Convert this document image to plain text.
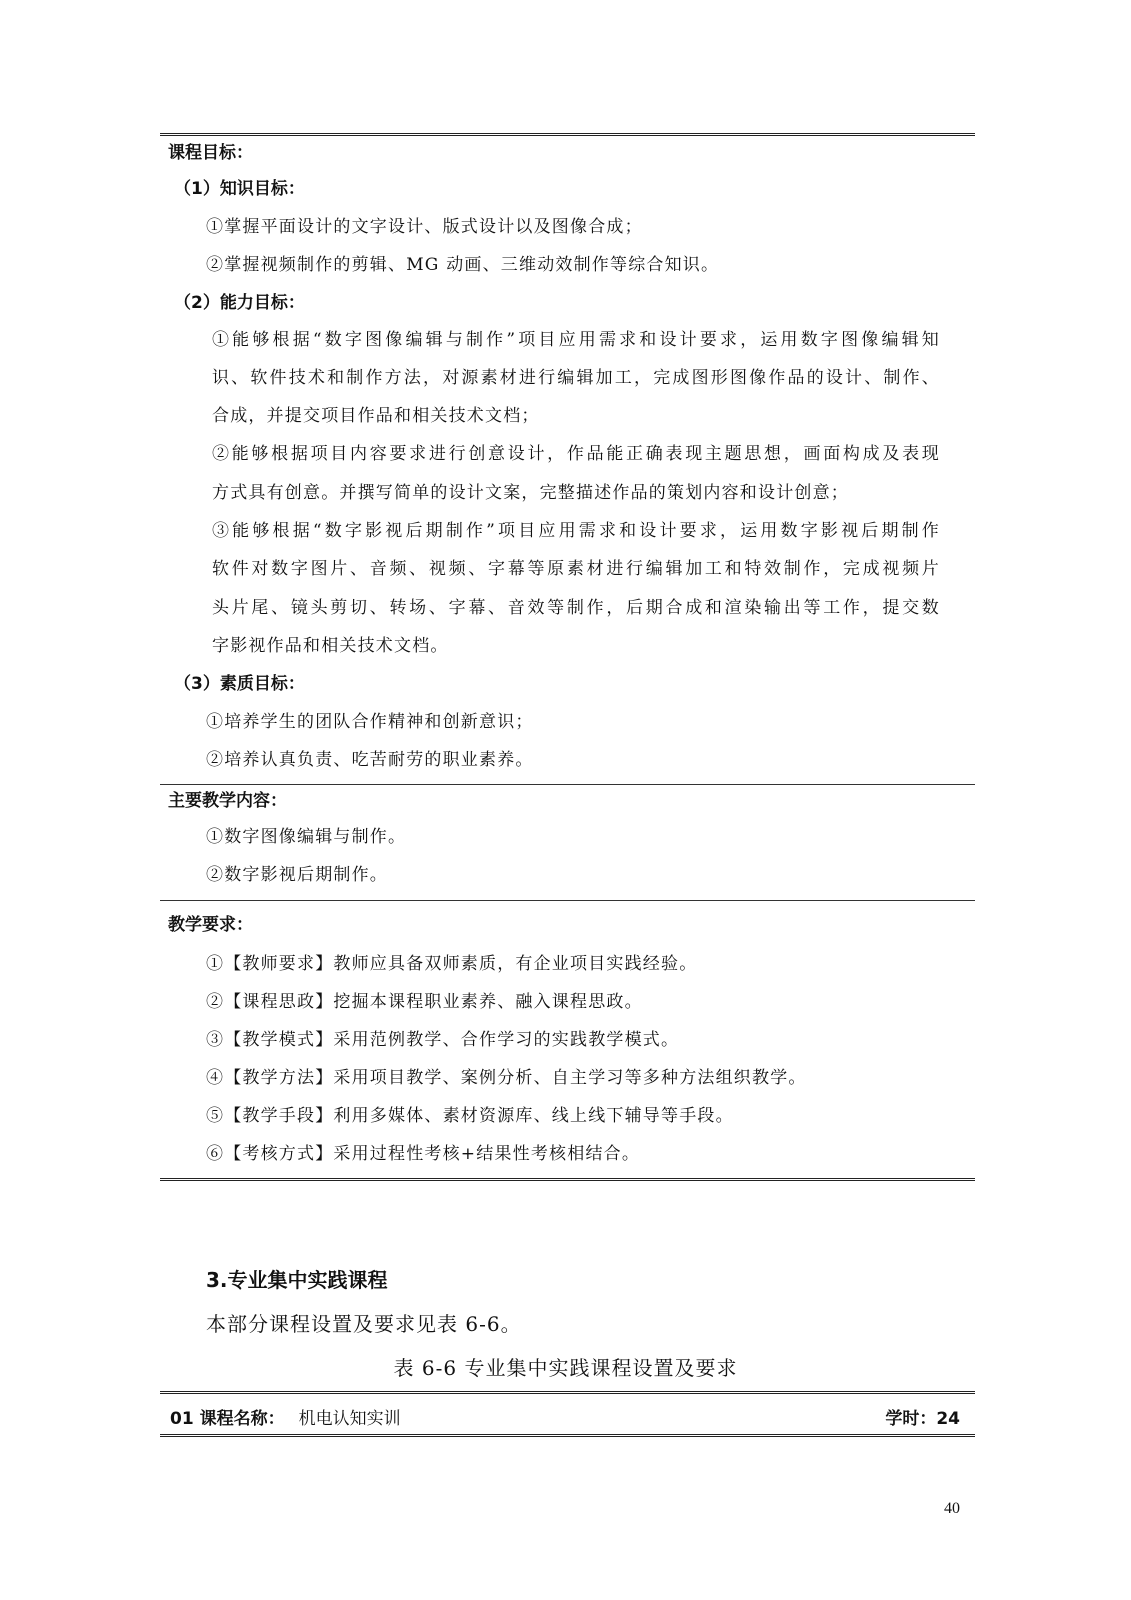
课程目标：
（1）知识目标：
①掌握平面设计的文字设计、版式设计以及图像合成；
②掌握视频制作的剪辑、MG 动画、三维动效制作等综合知识。
（2）能力目标：
①能够根据“数字图像编辑与制作”项目应用需求和设计要求，运用数字图像编辑知
识、软件技术和制作方法，对源素材进行编辑加工，完成图形图像作品的设计、制作、
合成，并提交项目作品和相关技术文档；
②能够根据项目内容要求进行创意设计，作品能正确表现主题思想，画面构成及表现
方式具有创意。并撰写简单的设计文案，完整描述作品的策划内容和设计创意；
③能够根据“数字影视后期制作”项目应用需求和设计要求，运用数字影视后期制作
软件对数字图片、音频、视频、字幕等原素材进行编辑加工和特效制作，完成视频片
头片尾、镜头剪切、转场、字幕、音效等制作，后期合成和渲染输出等工作，提交数
字影视作品和相关技术文档。
（3）素质目标：
①培养学生的团队合作精神和创新意识；
②培养认真负责、吃苦耐劳的职业素养。
主要教学内容：
①数字图像编辑与制作。
②数字影视后期制作。
教学要求：
①【教师要求】教师应具备双师素质，有企业项目实践经验。
②【课程思政】挖掘本课程职业素养、融入课程思政。
③【教学模式】采用范例教学、合作学习的实践教学模式。
④【教学方法】采用项目教学、案例分析、自主学习等多种方法组织教学。
⑤【教学手段】利用多媒体、素材资源库、线上线下辅导等手段。
⑥【考核方式】采用过程性考核+结果性考核相结合。
3.专业集中实践课程
本部分课程设置及要求见表 6-6。
表 6-6 专业集中实践课程设置及要求
01 课程名称： 机电认知实训	学时：24
40
